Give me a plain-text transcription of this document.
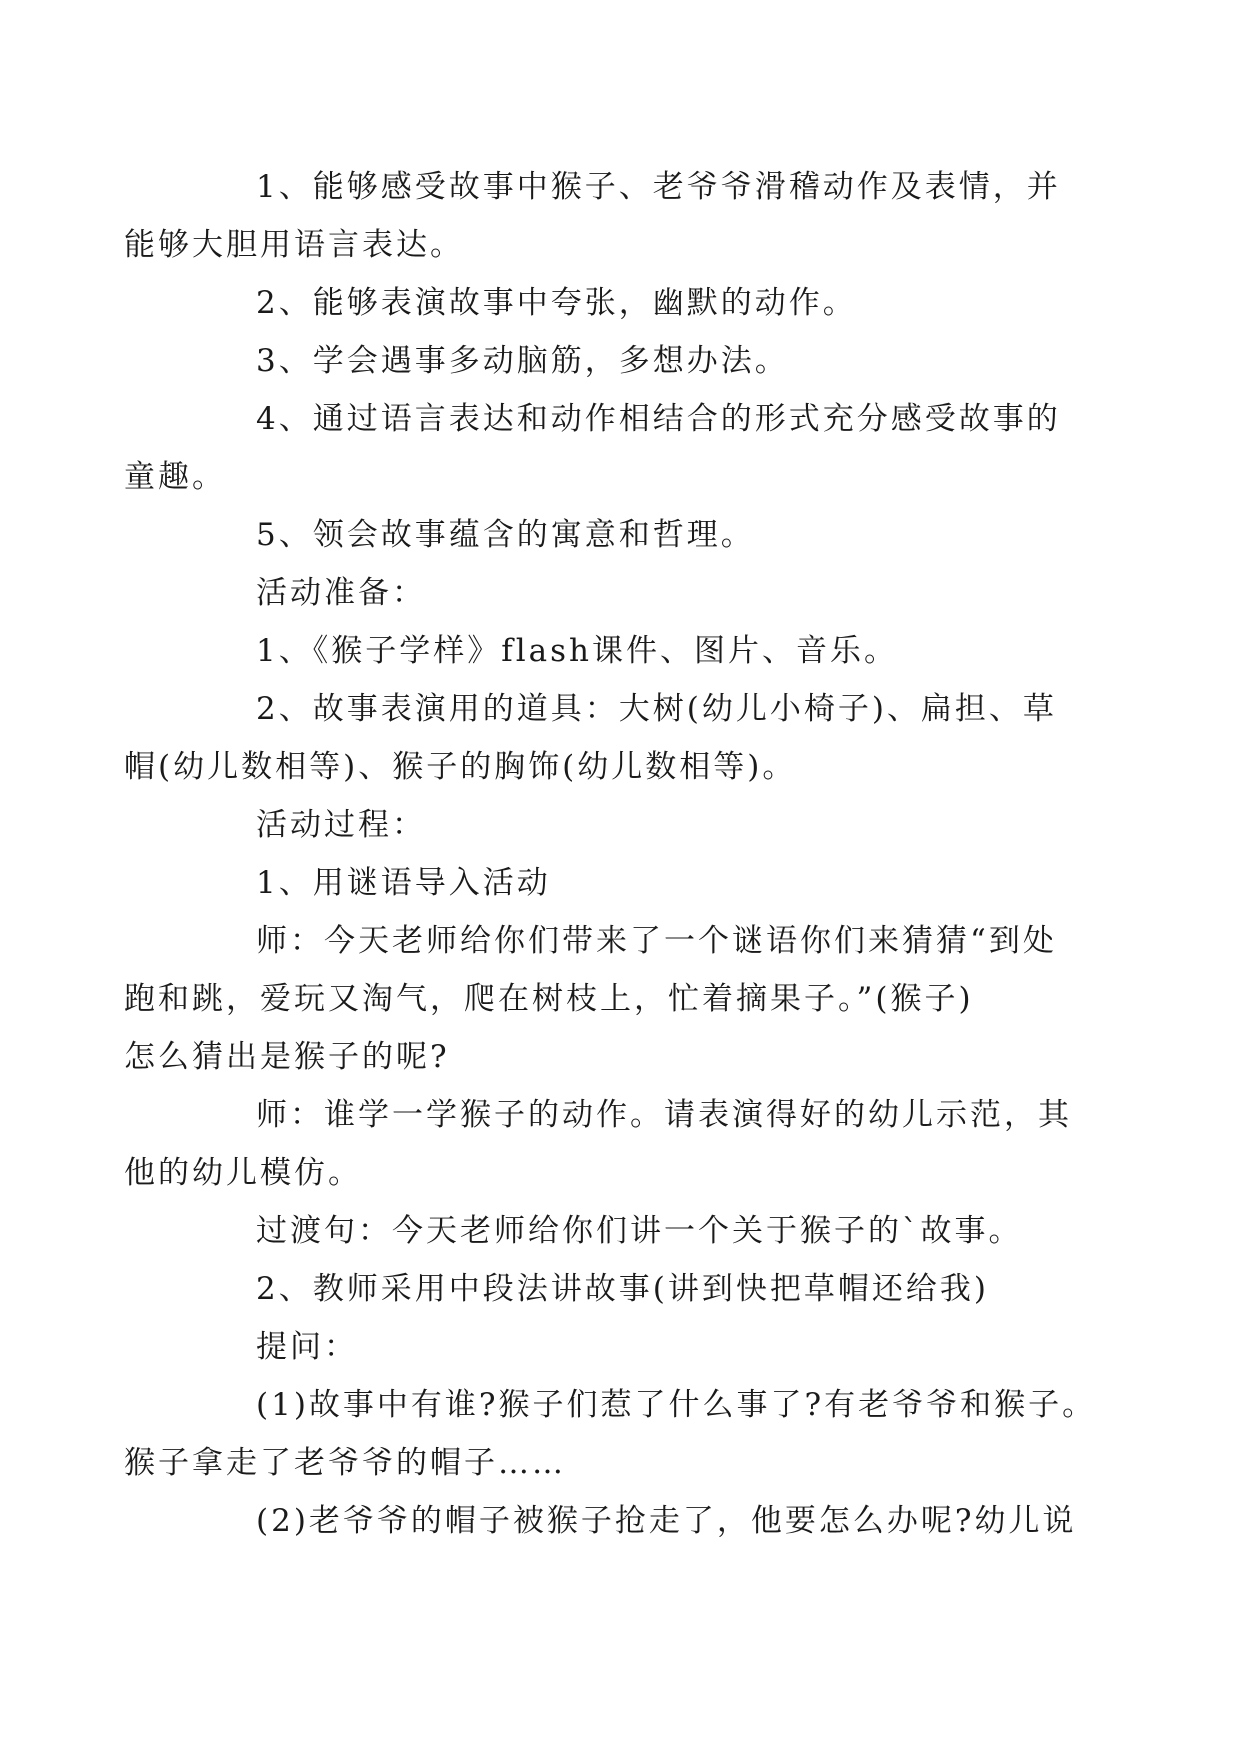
1、能够感受故事中猴子、老爷爷滑稽动作及表情，并
能够大胆用语言表达。
2、能够表演故事中夸张，幽默的动作。
3、学会遇事多动脑筋，多想办法。
4、通过语言表达和动作相结合的形式充分感受故事的
童趣。
5、领会故事蕴含的寓意和哲理。
活动准备：
1、《猴子学样》flash课件、图片、音乐。
2、故事表演用的道具：大树(幼儿小椅子)、扁担、草
帽(幼儿数相等)、猴子的胸饰(幼儿数相等)。
活动过程：
1、用谜语导入活动
师：今天老师给你们带来了一个谜语你们来猜猜“到处
跑和跳，爱玩又淘气，爬在树枝上，忙着摘果子。”(猴子)
怎么猜出是猴子的呢?
师：谁学一学猴子的动作。请表演得好的幼儿示范，其
他的幼儿模仿。
过渡句：今天老师给你们讲一个关于猴子的`故事。
2、教师采用中段法讲故事(讲到快把草帽还给我)
提问：
(1)故事中有谁?猴子们惹了什么事了?有老爷爷和猴子。
猴子拿走了老爷爷的帽子……
(2)老爷爷的帽子被猴子抢走了，他要怎么办呢?幼儿说
